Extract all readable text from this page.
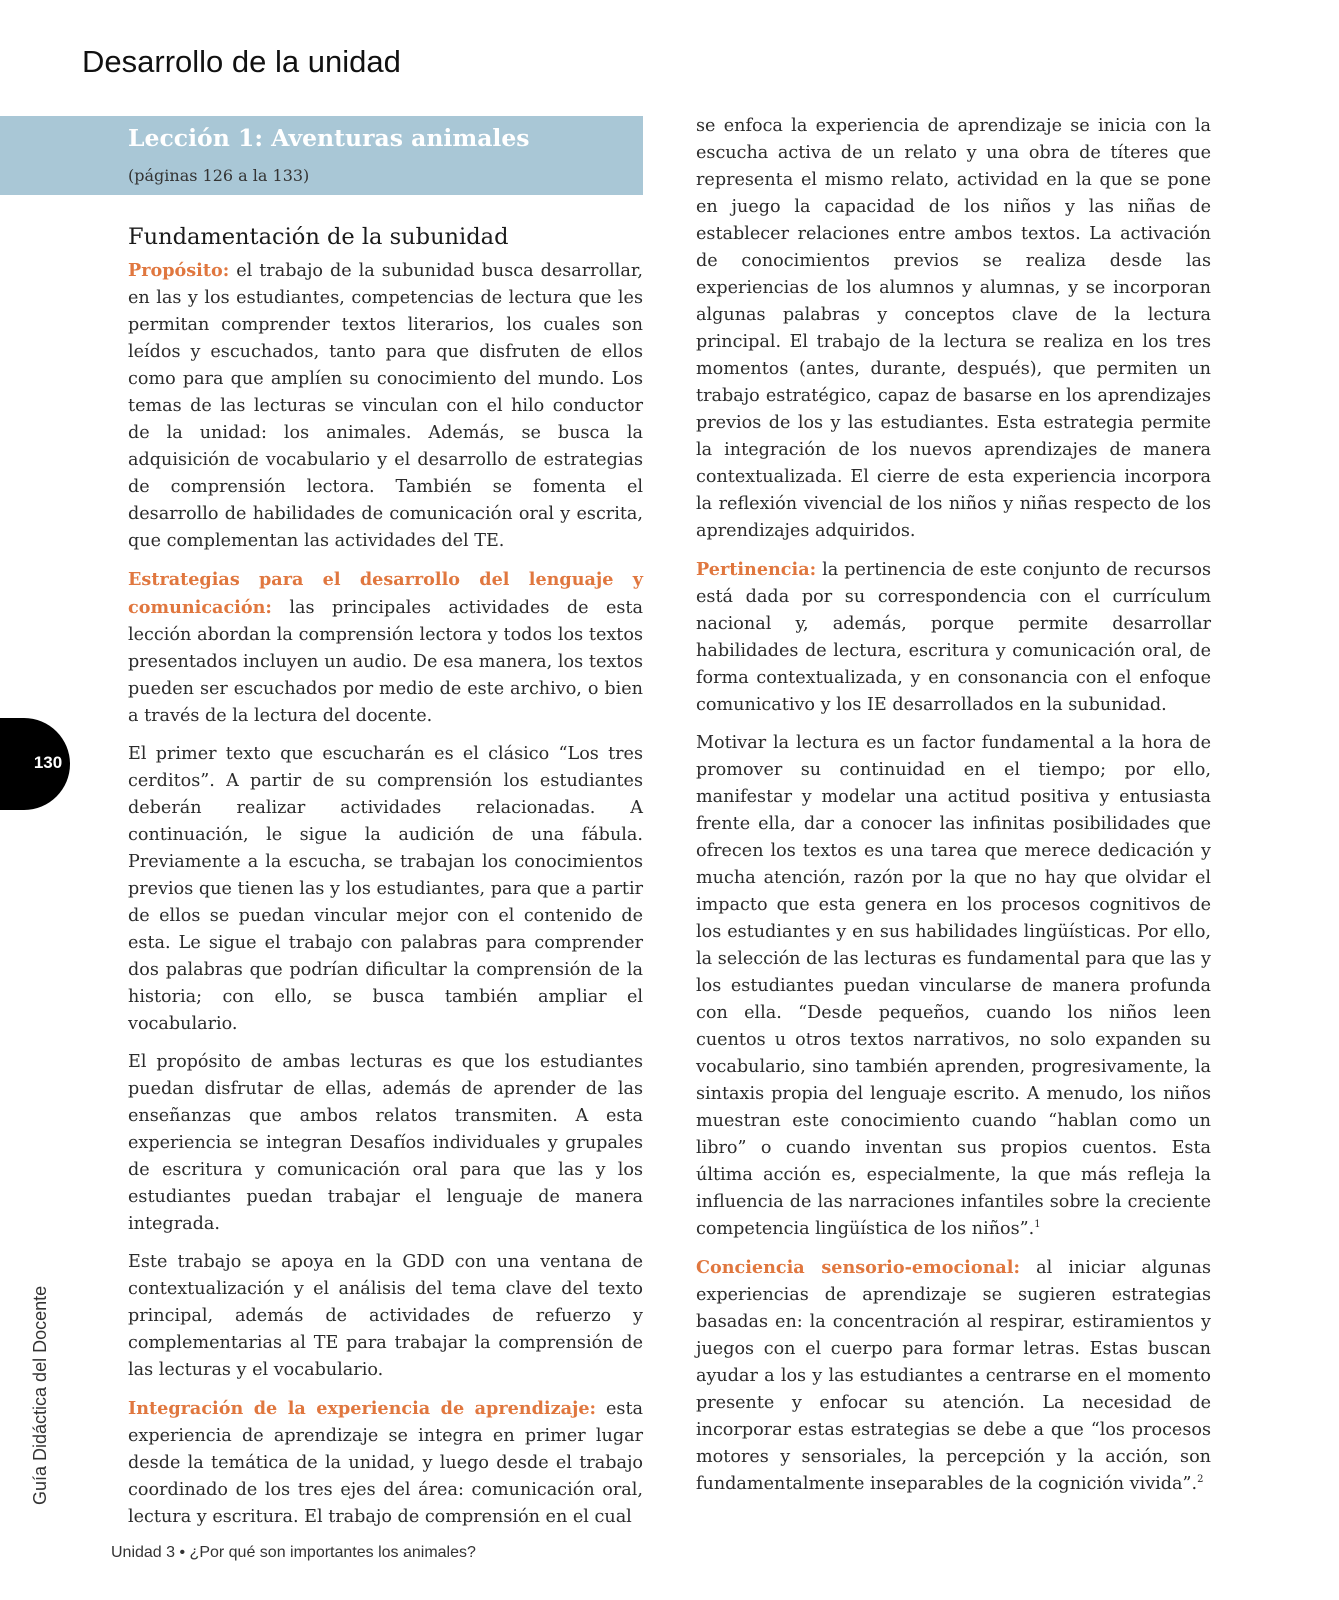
Desarrollo de la unidad
Lección 1: Aventuras animales
(páginas 126 a la 133)
Fundamentación de la subunidad

Propósito: el trabajo de la subunidad busca desarrollar, en las y los estudiantes, competencias de lectura que les permitan comprender textos literarios, los cuales son leídos y escuchados, tanto para que disfruten de ellos como para que amplíen su conocimiento del mundo. Los temas de las lecturas se vinculan con el hilo conductor de la unidad: los animales. Además, se busca la adquisición de vocabulario y el desarrollo de estrategias de comprensión lectora. También se fomenta el desarrollo de habilidades de comunicación oral y escrita, que complementan las actividades del TE.

Estrategias para el desarrollo del lenguaje y comunicación: las principales actividades de esta lección abordan la comprensión lectora y todos los textos presentados incluyen un audio. De esa manera, los textos pueden ser escuchados por medio de este archivo, o bien a través de la lectura del docente.

El primer texto que escucharán es el clásico “Los tres cerditos”. A partir de su comprensión los estudiantes deberán realizar actividades relacionadas. A continuación, le sigue la audición de una fábula. Previamente a la escucha, se trabajan los conocimientos previos que tienen las y los estudiantes, para que a partir de ellos se puedan vincular mejor con el contenido de esta. Le sigue el trabajo con palabras para comprender dos palabras que podrían dificultar la comprensión de la historia; con ello, se busca también ampliar el vocabulario.

El propósito de ambas lecturas es que los estudiantes puedan disfrutar de ellas, además de aprender de las enseñanzas que ambos relatos transmiten. A esta experiencia se integran Desafíos individuales y grupales de escritura y comunicación oral para que las y los estudiantes puedan trabajar el lenguaje de manera integrada.

Este trabajo se apoya en la GDD con una ventana de contextualización y el análisis del tema clave del texto principal, además de actividades de refuerzo y complementarias al TE para trabajar la comprensión de las lecturas y el vocabulario.

Integración de la experiencia de aprendizaje: esta experiencia de aprendizaje se integra en primer lugar desde la temática de la unidad, y luego desde el trabajo coordinado de los tres ejes del área: comunicación oral, lectura y escritura. El trabajo de comprensión en el cual

se enfoca la experiencia de aprendizaje se inicia con la escucha activa de un relato y una obra de títeres que representa el mismo relato, actividad en la que se pone en juego la capacidad de los niños y las niñas de establecer relaciones entre ambos textos. La activación de conocimientos previos se realiza desde las experiencias de los alumnos y alumnas, y se incorporan algunas palabras y conceptos clave de la lectura principal. El trabajo de la lectura se realiza en los tres momentos (antes, durante, después), que permiten un trabajo estratégico, capaz de basarse en los aprendizajes previos de los y las estudiantes. Esta estrategia permite la integración de los nuevos aprendizajes de manera contextualizada. El cierre de esta experiencia incorpora la reflexión vivencial de los niños y niñas respecto de los aprendizajes adquiridos.

Pertinencia: la pertinencia de este conjunto de recursos está dada por su correspondencia con el currículum nacional y, además, porque permite desarrollar habilidades de lectura, escritura y comunicación oral, de forma contextualizada, y en consonancia con el enfoque comunicativo y los IE desarrollados en la subunidad.

Motivar la lectura es un factor fundamental a la hora de promover su continuidad en el tiempo; por ello, manifestar y modelar una actitud positiva y entusiasta frente ella, dar a conocer las infinitas posibilidades que ofrecen los textos es una tarea que merece dedicación y mucha atención, razón por la que no hay que olvidar el impacto que esta genera en los procesos cognitivos de los estudiantes y en sus habilidades lingüísticas. Por ello, la selección de las lecturas es fundamental para que las y los estudiantes puedan vincularse de manera profunda con ella. “Desde pequeños, cuando los niños leen cuentos u otros textos narrativos, no solo expanden su vocabulario, sino también aprenden, progresivamente, la sintaxis propia del lenguaje escrito. A menudo, los niños muestran este conocimiento cuando “hablan como un libro” o cuando inventan sus propios cuentos. Esta última acción es, especialmente, la que más refleja la influencia de las narraciones infantiles sobre la creciente competencia lingüística de los niños”.$^1$

Conciencia sensorio-emocional: al iniciar algunas experiencias de aprendizaje se sugieren estrategias basadas en: la concentración al respirar, estiramientos y juegos con el cuerpo para formar letras. Estas buscan ayudar a los y las estudiantes a centrarse en el momento presente y enfocar su atención. La necesidad de incorporar estas estrategias se debe a que “los procesos motores y sensoriales, la percepción y la acción, son fundamentalmente inseparables de la cognición vivida”.$^2$

130
Guía Didáctica del Docente
Unidad 3 • ¿Por qué son importantes los animales?
